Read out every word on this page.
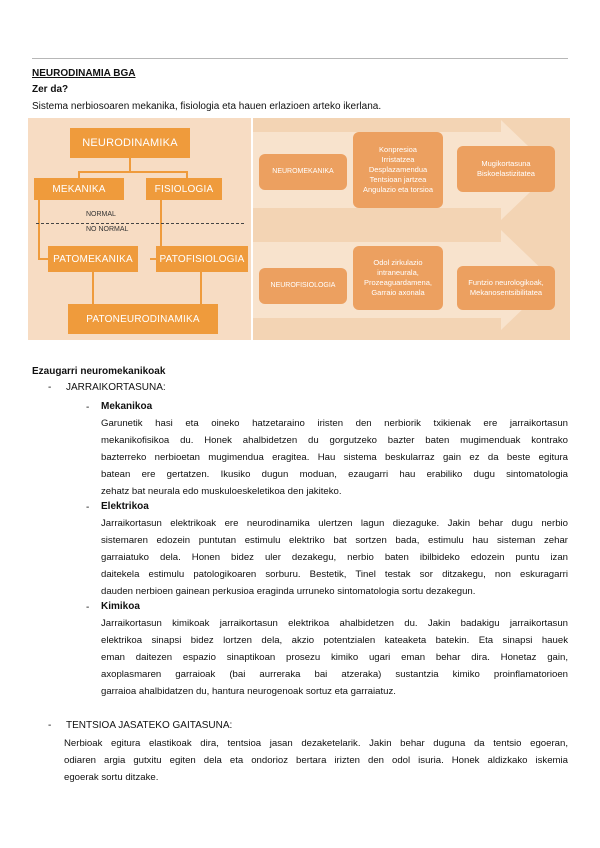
NEURODINAMIA BGA
Zer da?
Sistema nerbiosoaren mekanika, fisiologia eta hauen erlazioen arteko ikerlana.
NEURODINAMIKA
MEKANIKA	FISIOLOGIA
NORMAL
NO NORMAL
PATOMEKANIKA	PATOFISIOLOGIA
PATONEURODINAMIKA
NEUROMEKANIKA
Konpresioa
Irristatzea
Desplazamendua
Tentsioan jartzea
Angulazio eta torsioa
Mugikortasuna Biskoelastizitatea
NEUROFISIOLOGIA
Odol zirkulazio intraneurala, Prozeaguardamena, Garraio axonala
Funtzio neurologikoak, Mekanosentsibilitatea
Ezaugarri neuromekanikoak
- JARRAIKORTASUNA:
- Mekanikoa
Garunetik hasi eta oineko hatzetaraino iristen den nerbiorik txikienak ere jarraikortasun
mekanikofisikoa du. Honek ahalbidetzen du gorgutzeko bazter baten mugimenduak kontrako
bazterreko nerbioetan mugimendua eragitea. Hau sistema beskularraz gain ez da beste egitura
batean ere gertatzen. Ikusiko dugun moduan, ezaugarri hau erabiliko dugu sintomatologia
zehatz bat neurala edo muskuloeskeletikoa den jakiteko.
- Elektrikoa
Jarraikortasun elektrikoak ere neurodinamika ulertzen lagun diezaguke. Jakin behar dugu nerbio
sistemaren edozein puntutan estimulu elektriko bat sortzen bada, estimulu hau sisteman zehar
garraiatuko dela. Honen bidez uler dezakegu, nerbio baten ibilbideko edozein puntu izan
daitekela estimulu patologikoaren sorburu. Bestetik, Tinel testak sor ditzakegu, non eskuragarri
dauden nerbioen gainean perkusioa eraginda urruneko sintomatologia sortu dezakegun.
- Kimikoa
Jarraikortasun kimikoak jarraikortasun elektrikoa ahalbidetzen du. Jakin badakigu jarraikortasun
elektrikoa sinapsi bidez lortzen dela, akzio potentzialen kateaketa batekin. Eta sinapsi hauek
eman daitezen espazio sinaptikoan prosezu kimiko ugari eman behar dira. Honetaz gain,
axoplasmaren garraioak (bai aurreraka bai atzeraka) sustantzia kimiko proinflamatorioen
garraioa ahalbidatzen du, hantura neurogenoak sortuz eta garraiatuz.
- TENTSIOA JASATEKO GAITASUNA:
Nerbioak egitura elastikoak dira, tentsioa jasan dezaketelarik. Jakin behar duguna da tentsio egoeran,
odiaren argia gutxitu egiten dela eta ondorioz bertara irizten den odol isuria. Honek aldizkako iskemia
egoerak sortu ditzake.
